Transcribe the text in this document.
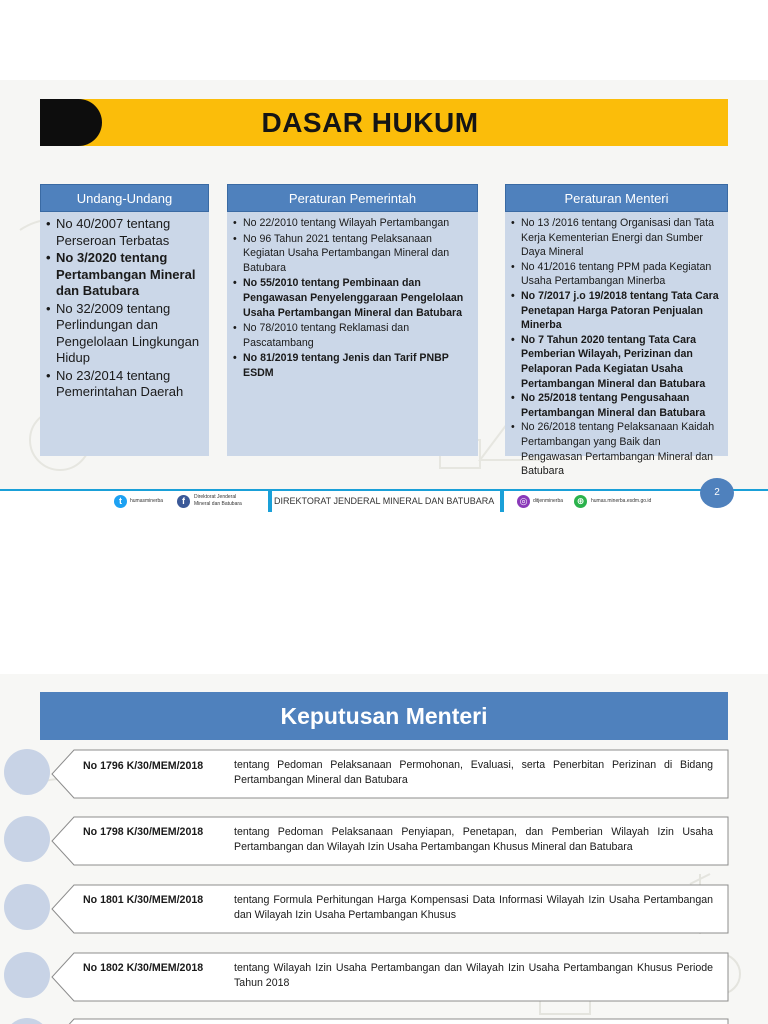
DASAR HUKUM
Undang-Undang
• No 40/2007 tentang Perseroan Terbatas
• No 3/2020 tentang Pertambangan Mineral dan Batubara
• No 32/2009 tentang Perlindungan dan Pengelolaan Lingkungan Hidup
• No 23/2014 tentang Pemerintahan Daerah
Peraturan Pemerintah
• No 22/2010 tentang Wilayah Pertambangan
• No 96 Tahun 2021 tentang Pelaksanaan Kegiatan Usaha Pertambangan Mineral dan Batubara
• No 55/2010 tentang Pembinaan dan Pengawasan Penyelenggaraan Pengelolaan Usaha Pertambangan Mineral dan Batubara
• No 78/2010 tentang Reklamasi dan Pascatambang
• No 81/2019 tentang Jenis dan Tarif PNBP ESDM
Peraturan Menteri
• No 13 /2016 tentang Organisasi dan Tata Kerja Kementerian Energi dan Sumber Daya Mineral
• No 41/2016 tentang PPM pada Kegiatan Usaha Pertambangan Minerba
• No 7/2017 j.o 19/2018 tentang Tata Cara Penetapan Harga Patoran Penjualan Minerba
• No 7 Tahun 2020 tentang Tata Cara Pemberian Wilayah, Perizinan dan Pelaporan Pada Kegiatan Usaha Pertambangan Mineral dan Batubara
• No 25/2018 tentang Pengusahaan Pertambangan Mineral dan Batubara
• No 26/2018 tentang Pelaksanaan Kaidah Pertambangan yang Baik dan Pengawasan Pertambangan Mineral dan Batubara
t	humasminerba	f	Direktorat Jenderal
Mineral dan Batubara	DIREKTORAT JENDERAL MINERAL DAN BATUBARA	◎	ditjenminerba	⊕	humas.minerba.esdm.go.id
2
Keputusan Menteri
No 1796 K/30/MEM/2018	tentang Pedoman Pelaksanaan Permohonan, Evaluasi, serta Penerbitan Perizinan di Bidang Pertambangan Mineral dan Batubara
No 1798 K/30/MEM/2018	tentang Pedoman Pelaksanaan Penyiapan, Penetapan, dan Pemberian Wilayah Izin Usaha Pertambangan dan Wilayah Izin Usaha Pertambangan Khusus Mineral dan Batubara
No 1801 K/30/MEM/2018	tentang Formula Perhitungan Harga Kompensasi Data Informasi Wilayah Izin Usaha Pertambangan dan Wilayah Izin Usaha Pertambangan Khusus
No 1802 K/30/MEM/2018	tentang Wilayah Izin Usaha Pertambangan dan Wilayah Izin Usaha Pertambangan Khusus Periode Tahun 2018
